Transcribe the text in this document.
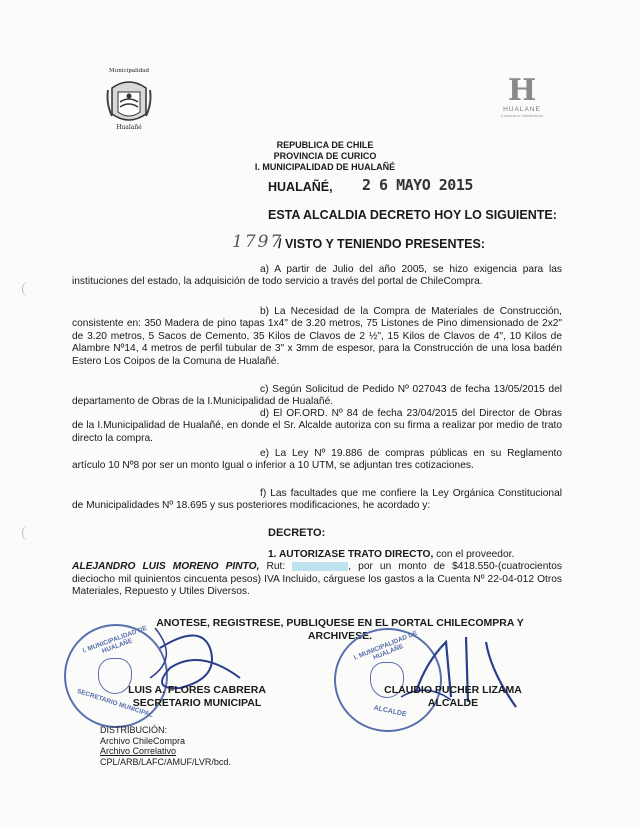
Municipalidad
Hualañé
H
HUALANE
Comuna en Movimiento
REPUBLICA DE CHILE
PROVINCIA DE CURICO
I. MUNICIPALIDAD DE HUALAÑÉ
HUALAÑÉ, 2 6 MAYO 2015
ESTA ALCALDIA DECRETO HOY LO SIGUIENTE:
1797
/ VISTO Y TENIENDO PRESENTES:
a) A partir de Julio del año 2005, se hizo exigencia para las instituciones del estado, la adquisición de todo servicio a través del portal de ChileCompra.
b) La Necesidad de la Compra de Materiales de Construcción, consistente en: 350 Madera de pino tapas 1x4" de 3.20 metros, 75 Listones de Pino dimensionado de 2x2" de 3.20 metros, 5 Sacos de Cemento, 35 Kilos de Clavos de 2 ½", 15 Kilos de Clavos de 4", 10 Kilos de Alambre Nº14, 4 metros de perfil tubular de 3" x 3mm de espesor, para la Construcción de una losa badén Estero Los Coipos de la Comuna de Hualañé.
c) Según Solicitud de Pedido Nº 027043 de fecha 13/05/2015 del departamento de Obras de la I.Municipalidad de Hualañé.
d) El OF.ORD. Nº 84 de fecha 23/04/2015 del Director de Obras de la I.Municipalidad de Hualañé, en donde el Sr. Alcalde autoriza con su firma a realizar por medio de trato directo la compra.
e) La Ley Nº 19.886 de compras públicas en su Reglamento artículo 10 Nº8 por ser un monto Igual o inferior a 10 UTM, se adjuntan tres cotizaciones.
f) Las facultades que me confiere la Ley Orgánica Constitucional de Municipalidades Nº 18.695 y sus posteriores modificaciones, he acordado y:
DECRETO:
1. AUTORIZASE TRATO DIRECTO, con el proveedor.
ALEJANDRO LUIS MORENO PINTO, Rut:	, por un monto de $418.550-(cuatrocientos dieciocho mil quinientos cincuenta pesos) IVA Incluido, cárguese los gastos a la Cuenta Nº 22-04-012 Otros Materiales, Repuesto y Utiles Diversos.
ANOTESE, REGISTRESE, PUBLIQUESE EN EL PORTAL CHILECOMPRA Y
ARCHIVESE.
I. MUNICIPALIDAD DE HUALAÑE
SECRETARIO MUNICIPAL
I. MUNICIPALIDAD DE HUALAÑE
ALCALDE
LUIS A. FLORES CABRERA
SECRETARIO MUNICIPAL
CLAUDIO PUCHER LIZAMA
ALCALDE
DISTRIBUCIÓN:
Archivo ChileCompra
Archivo Correlativo
CPL/ARB/LAFC/AMUF/LVR/bcd.
